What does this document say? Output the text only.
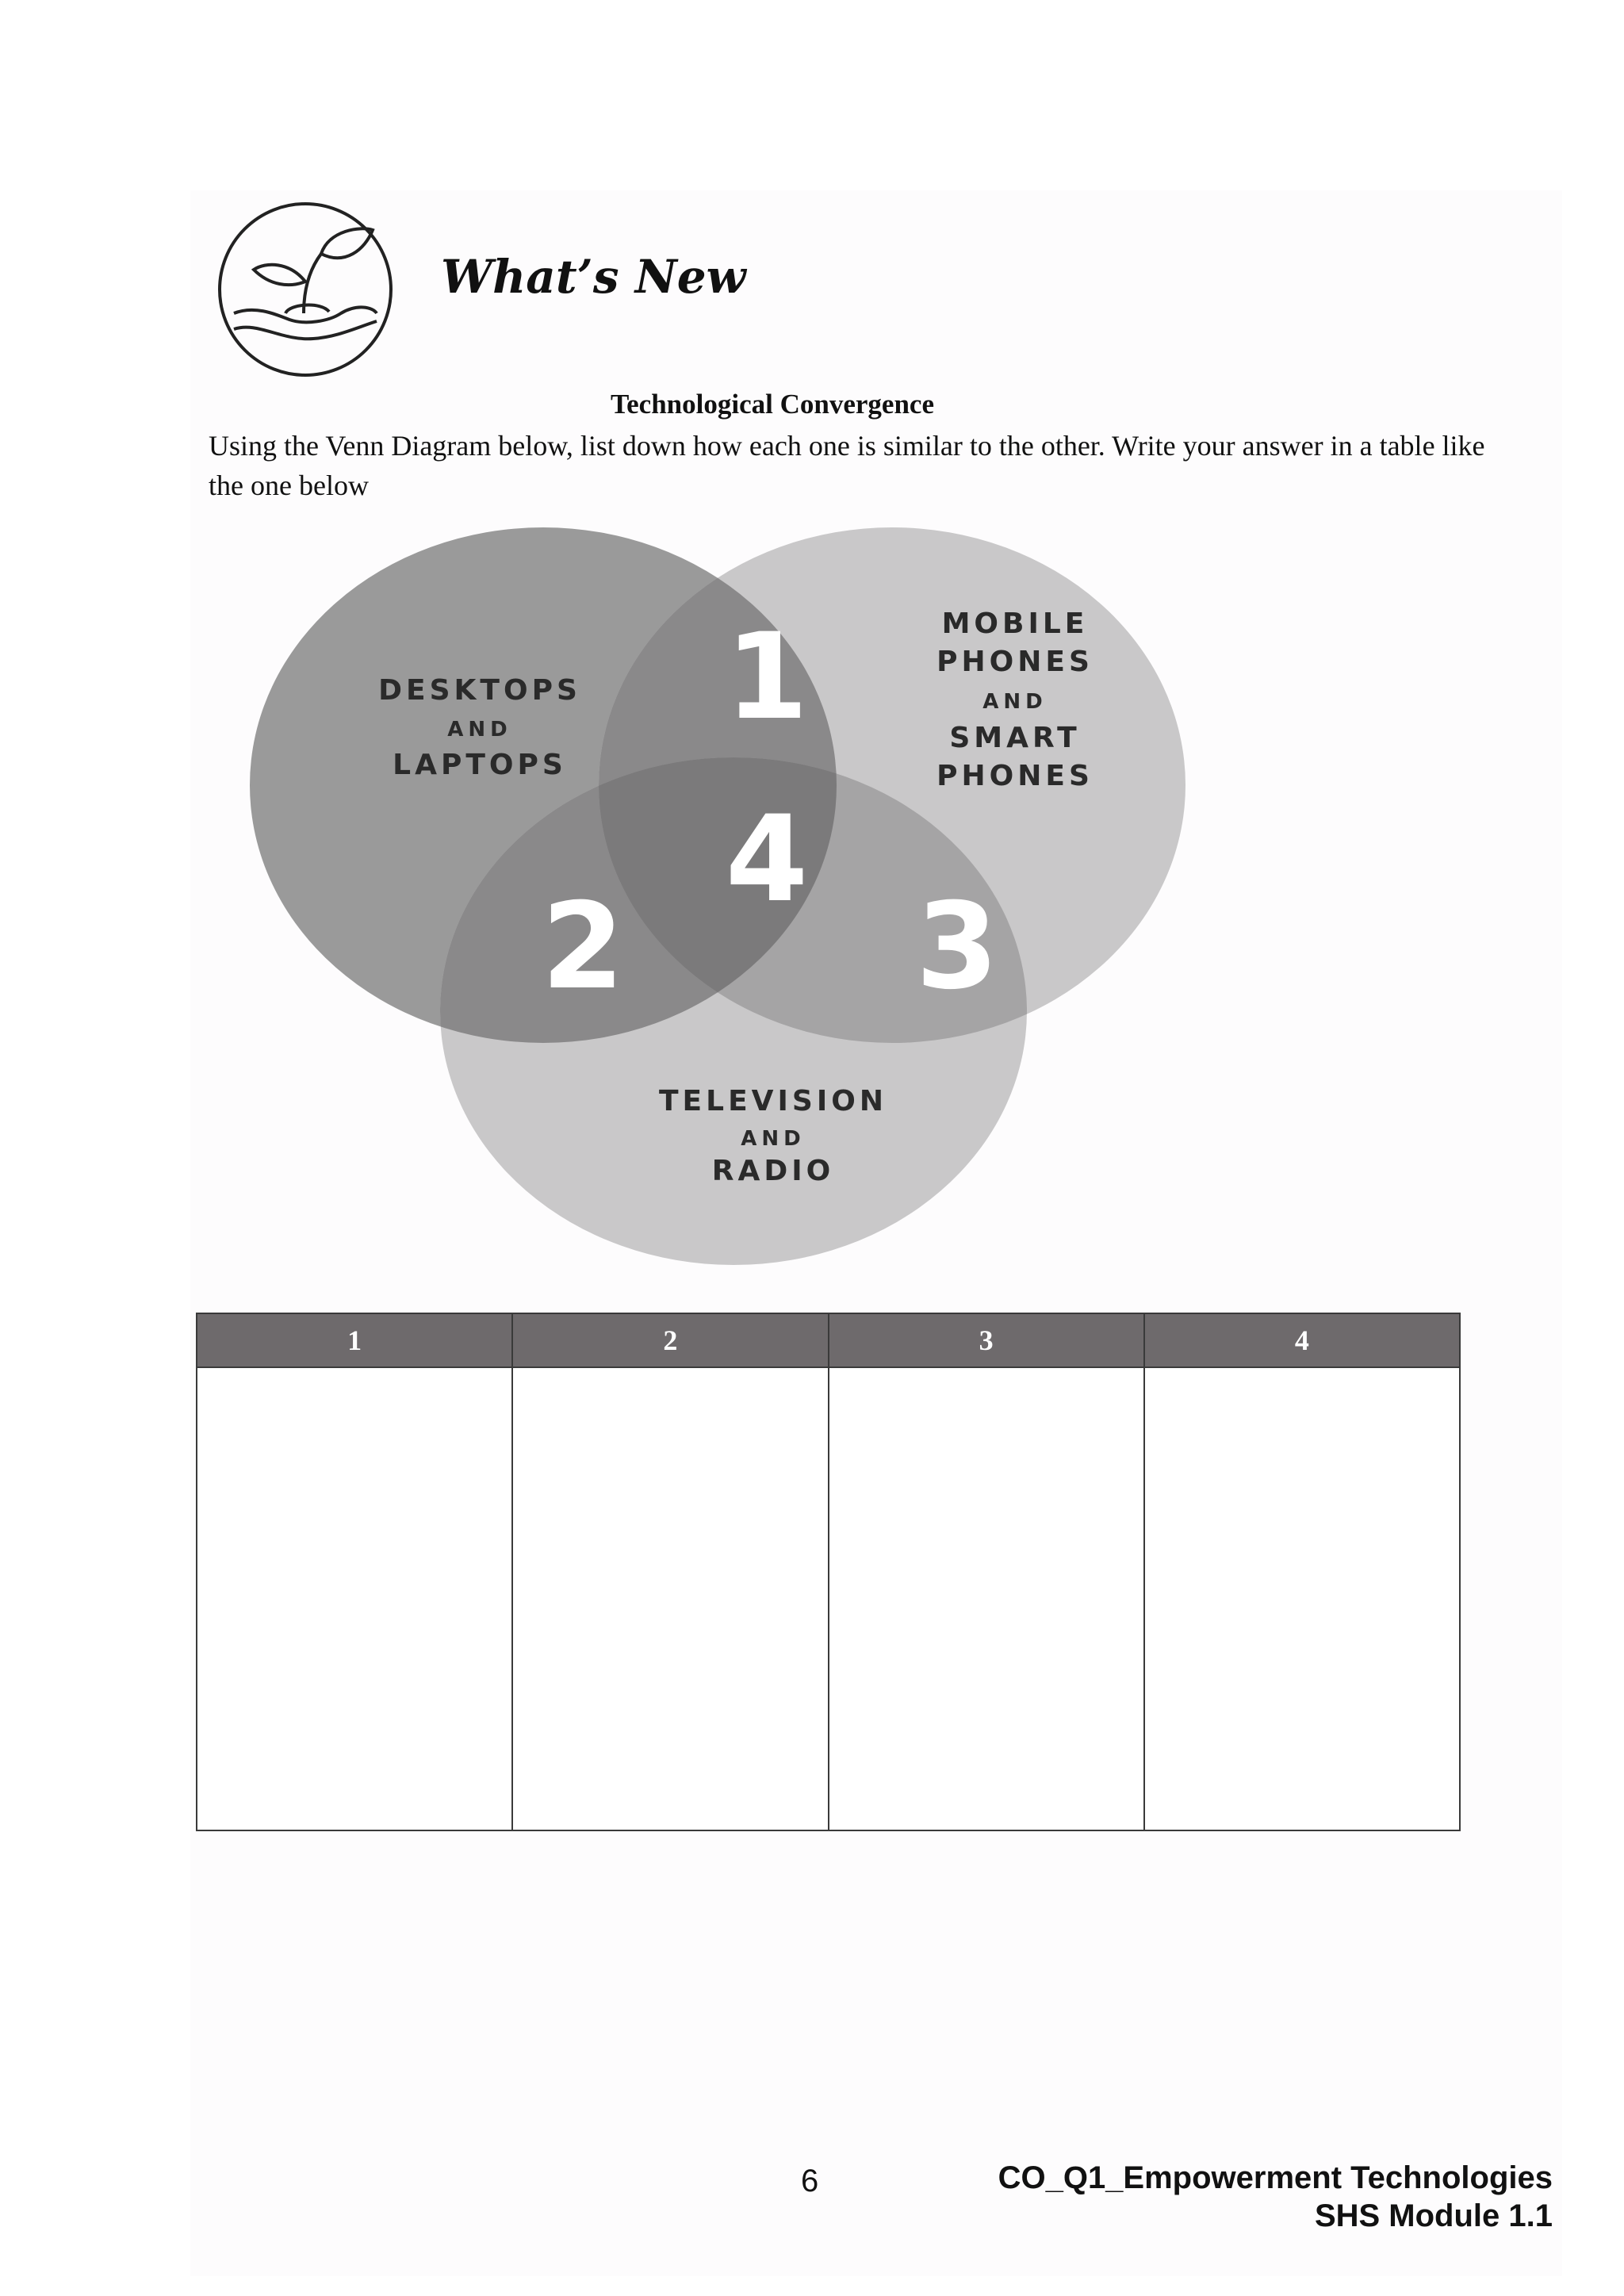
What’s New

Technological Convergence

Using the Venn Diagram below, list down how each one is similar to the other. Write your answer in a table like the one below

DESKTOPS
AND
LAPTOPS
MOBILE
PHONES
AND
SMART
PHONES
TELEVISION
AND
RADIO
1
2 3
4
1	2	3	4

6	CO_Q1_Empowerment Technologies
SHS Module 1.1
